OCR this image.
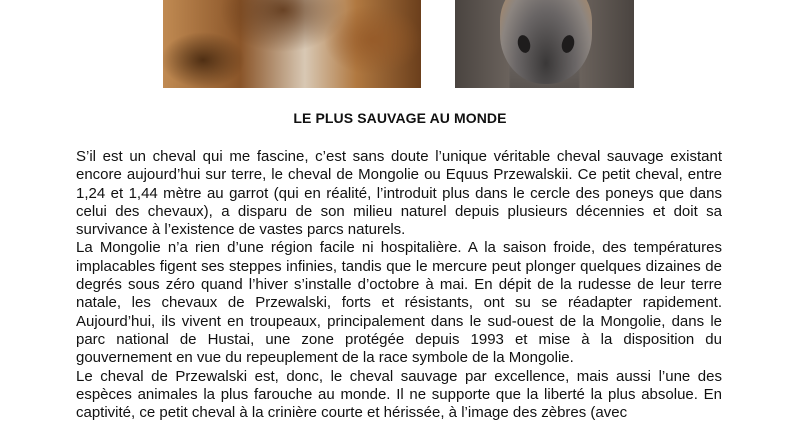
LE PLUS SAUVAGE AU MONDE

S’il est un cheval qui me fascine, c’est sans doute l’unique véritable cheval sauvage existant encore aujourd’hui sur terre, le cheval de Mongolie ou Equus Przewalskii. Ce petit cheval, entre 1,24 et 1,44 mètre au garrot (qui en réalité, l’introduit plus dans le cercle des poneys que dans celui des chevaux), a disparu de son milieu naturel depuis plusieurs décennies et doit sa survivance à l’existence de vastes parcs naturels.

La Mongolie n’a rien d’une région facile ni hospitalière. A la saison froide, des températures implacables figent ses steppes infinies, tandis que le mercure peut plonger quelques dizaines de degrés sous zéro quand l’hiver s’installe d’octobre à mai. En dépit de la rudesse de leur terre natale, les chevaux de Przewalski, forts et résistants, ont su se réadapter rapidement. Aujourd’hui, ils vivent en troupeaux, principalement dans le sud-ouest de la Mongolie, dans le parc national de Hustai, une zone protégée depuis 1993 et mise à la disposition du gouvernement en vue du repeuplement de la race symbole de la Mongolie.

Le cheval de Przewalski est, donc, le cheval sauvage par excellence, mais aussi l’une des espèces animales la plus farouche au monde. Il ne supporte que la liberté la plus absolue. En captivité, ce petit cheval à la crinière courte et hérissée, à l’image des zèbres (avec
